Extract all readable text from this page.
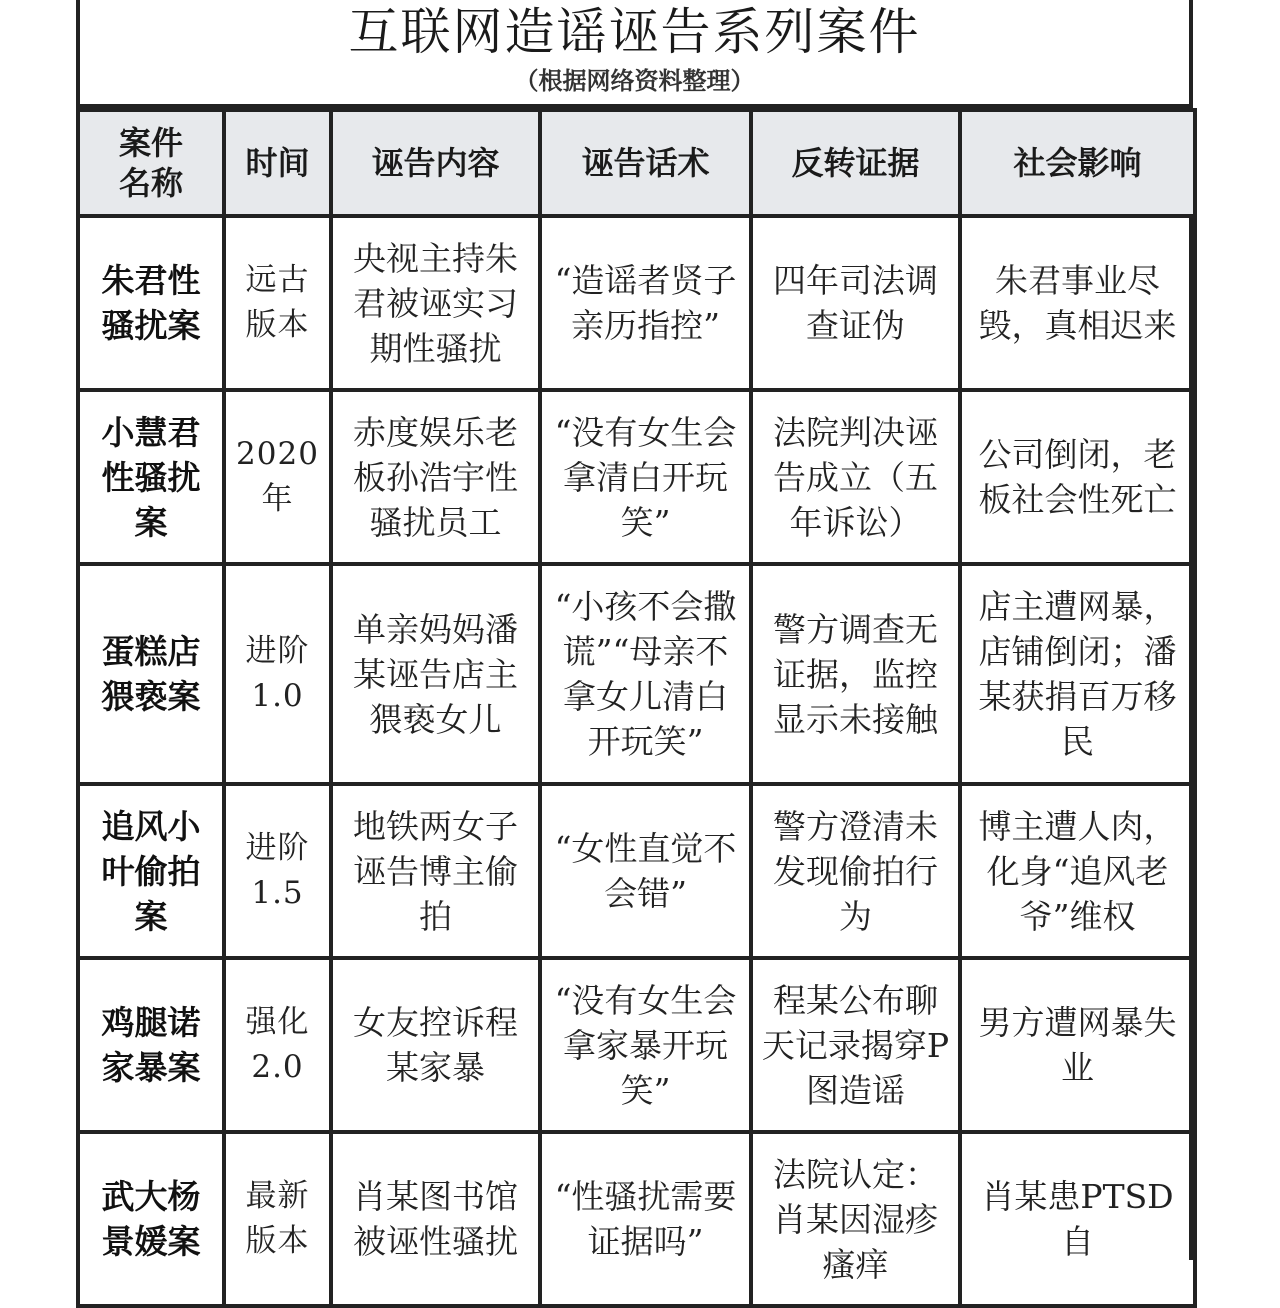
互联网造谣诬告系列案件
（根据网络资料整理）
案件名称	时间	诬告内容	诬告话术	反转证据	社会影响
朱君性骚扰案	远古版本	央视主持朱君被诬实习期性骚扰	“造谣者贤子亲历指控”	四年司法调查证伪	朱君事业尽毁，真相迟来
小慧君性骚扰案	2020年	赤度娱乐老板孙浩宇性骚扰员工	“没有女生会拿清白开玩笑”	法院判决诬告成立（五年诉讼）	公司倒闭，老板社会性死亡
蛋糕店猥亵案	进阶1.0	单亲妈妈潘某诬告店主猥亵女儿	“小孩不会撒谎”“母亲不拿女儿清白开玩笑”	警方调查无证据，监控显示未接触	店主遭网暴，店铺倒闭；潘某获捐百万移民
追风小叶偷拍案	进阶1.5	地铁两女子诬告博主偷拍	“女性直觉不会错”	警方澄清未发现偷拍行为	博主遭人肉，化身“追风老爷”维权
鸡腿诺家暴案	强化2.0	女友控诉程某家暴	“没有女生会拿家暴开玩笑”	程某公布聊天记录揭穿P图造谣	男方遭网暴失业
武大杨景媛案	最新版本	肖某图书馆被诬性骚扰	“性骚扰需要证据吗”	法院认定：肖某因湿疹瘙痒	肖某患PTSD自
